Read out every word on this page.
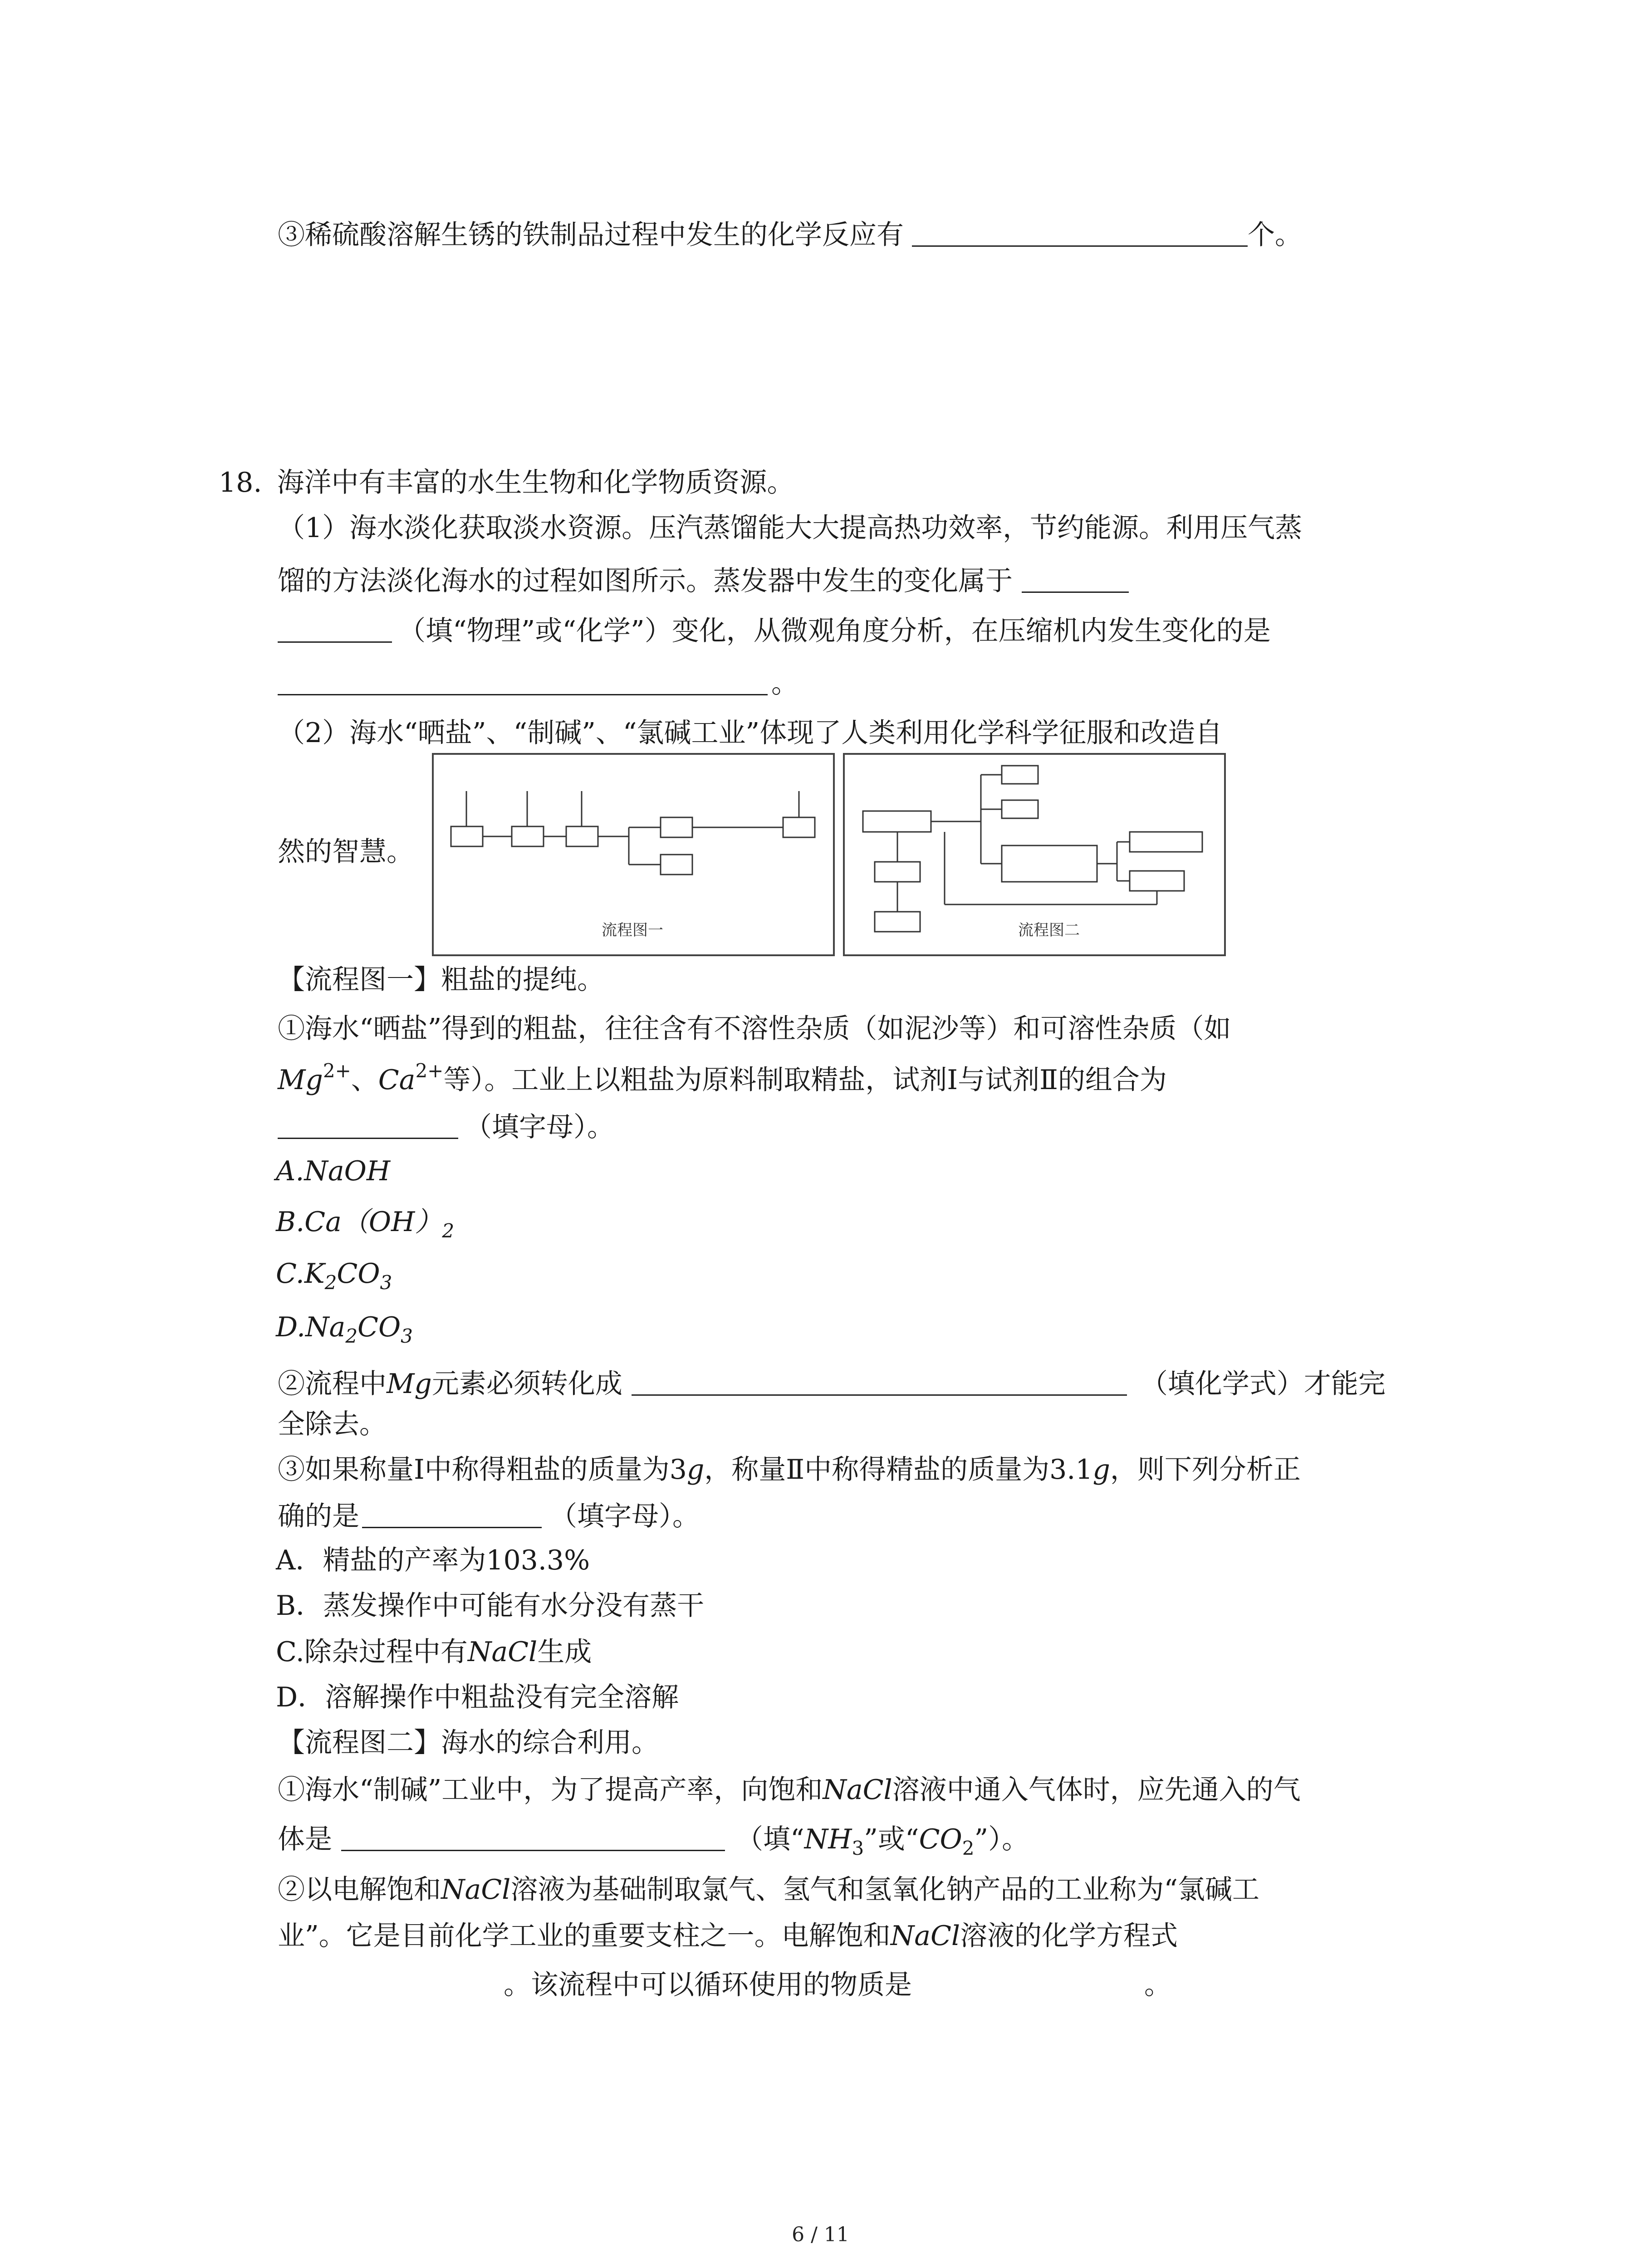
③稀硫酸溶解生锈的铁制品过程中发生的化学反应有	个。
18. 海洋中有丰富的水生生物和化学物质资源。
（1）海水淡化获取淡水资源。压汽蒸馏能大大提高热功效率，节约能源。利用压气蒸
馏的方法淡化海水的过程如图所示。蒸发器中发生的变化属于
（填“物理”或“化学”）变化，从微观角度分析，在压缩机内发生变化的是
。
（2）海水“晒盐”、“制碱”、“氯碱工业”体现了人类利用化学科学征服和改造自
然的智慧。
流程图一	流程图二
【流程图一】粗盐的提纯。
①海水“晒盐”得到的粗盐，往往含有不溶性杂质（如泥沙等）和可溶性杂质（如
$Mg^{2+}$、$Ca^{2+}$等）。工业上以粗盐为原料制取精盐，试剂Ⅰ与试剂Ⅱ的组合为
（填字母）。
A.NaOH
$B.Ca(OH)_2$
$C.K_2CO_3$
$D.Na_2CO_3$
②流程中Mg元素必须转化成	（填化学式）才能完
全除去。
③如果称量Ⅰ中称得粗盐的质量为3g，称量Ⅱ中称得精盐的质量为3.1g，则下列分析正
确的是	（填字母）。
A．精盐的产率为103.3%
B．蒸发操作中可能有水分没有蒸干
C.除杂过程中有NaCl生成
D．溶解操作中粗盐没有完全溶解
【流程图二】海水的综合利用。
①海水“制碱”工业中，为了提高产率，向饱和NaCl溶液中通入气体时，应先通入的气
体是	（填“$NH_3$”或“$CO_2$”）。
②以电解饱和NaCl溶液为基础制取氯气、氢气和氢氧化钠产品的工业称为“氯碱工
业”。它是目前化学工业的重要支柱之一。电解饱和NaCl溶液的化学方程式
。该流程中可以循环使用的物质是	。
6 / 11
